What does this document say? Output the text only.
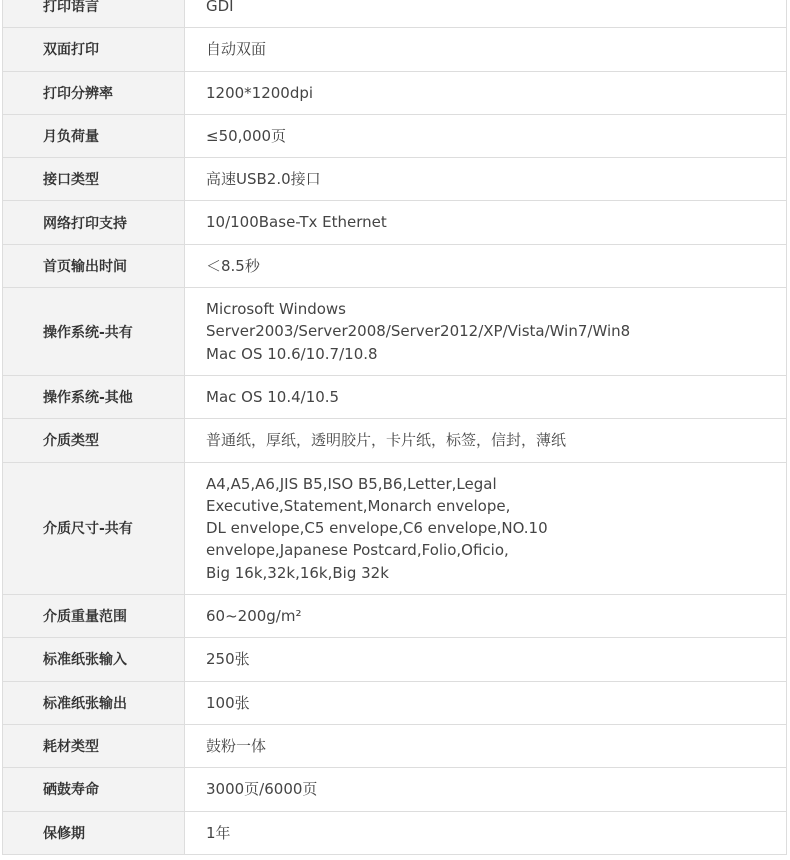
打印语言	GDI

双面打印	自动双面

打印分辨率	1200*1200dpi

月负荷量	≤50,000页

接口类型	高速USB2.0接口

网络打印支持	10/100Base-Tx Ethernet

首页输出时间	＜8.5秒

操作系统-共有	Microsoft Windows
Server2003/Server2008/Server2012/XP/Vista/Win7/Win8
Mac OS 10.6/10.7/10.8

操作系统-其他	Mac OS 10.4/10.5

介质类型	普通纸，厚纸，透明胶片，卡片纸，标签，信封，薄纸

介质尺寸-共有	A4,A5,A6,JIS B5,ISO B5,B6,Letter,Legal
Executive,Statement,Monarch envelope,
DL envelope,C5 envelope,C6 envelope,NO.10
envelope,Japanese Postcard,Folio,Oficio,
Big 16k,32k,16k,Big 32k

介质重量范围	60~200g/m²

标准纸张输入	250张

标准纸张输出	100张

耗材类型	鼓粉一体

硒鼓寿命	3000页/6000页

保修期	1年
